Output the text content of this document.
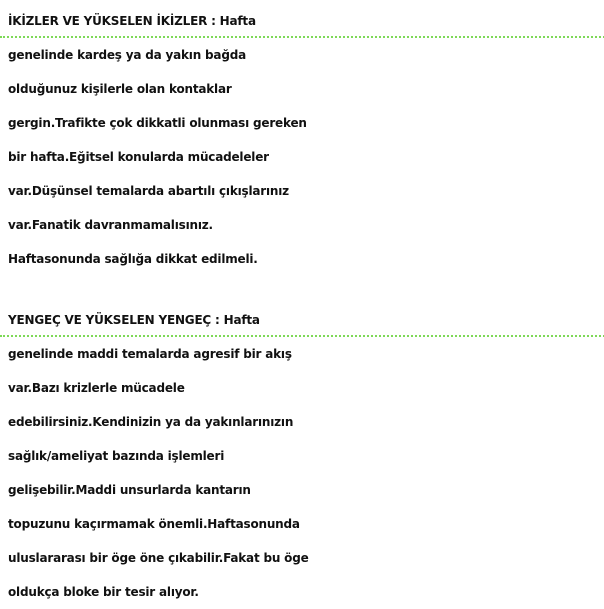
İKİZLER VE YÜKSELEN İKİZLER : Hafta
genelinde kardeş ya da yakın bağda
olduğunuz kişilerle olan kontaklar
gergin.Trafikte çok dikkatli olunması gereken
bir hafta.Eğitsel konularda mücadeleler
var.Düşünsel temalarda abartılı çıkışlarınız
var.Fanatik davranmamalısınız.
Haftasonunda sağlığa dikkat edilmeli.
YENGEÇ VE YÜKSELEN YENGEÇ : Hafta
genelinde maddi temalarda agresif bir akış
var.Bazı krizlerle mücadele
edebilirsiniz.Kendinizin ya da yakınlarınızın
sağlık/ameliyat bazında işlemleri
gelişebilir.Maddi unsurlarda kantarın
topuzunu kaçırmamak önemli.Haftasonunda
uluslararası bir öge öne çıkabilir.Fakat bu öge
oldukça bloke bir tesir alıyor.
